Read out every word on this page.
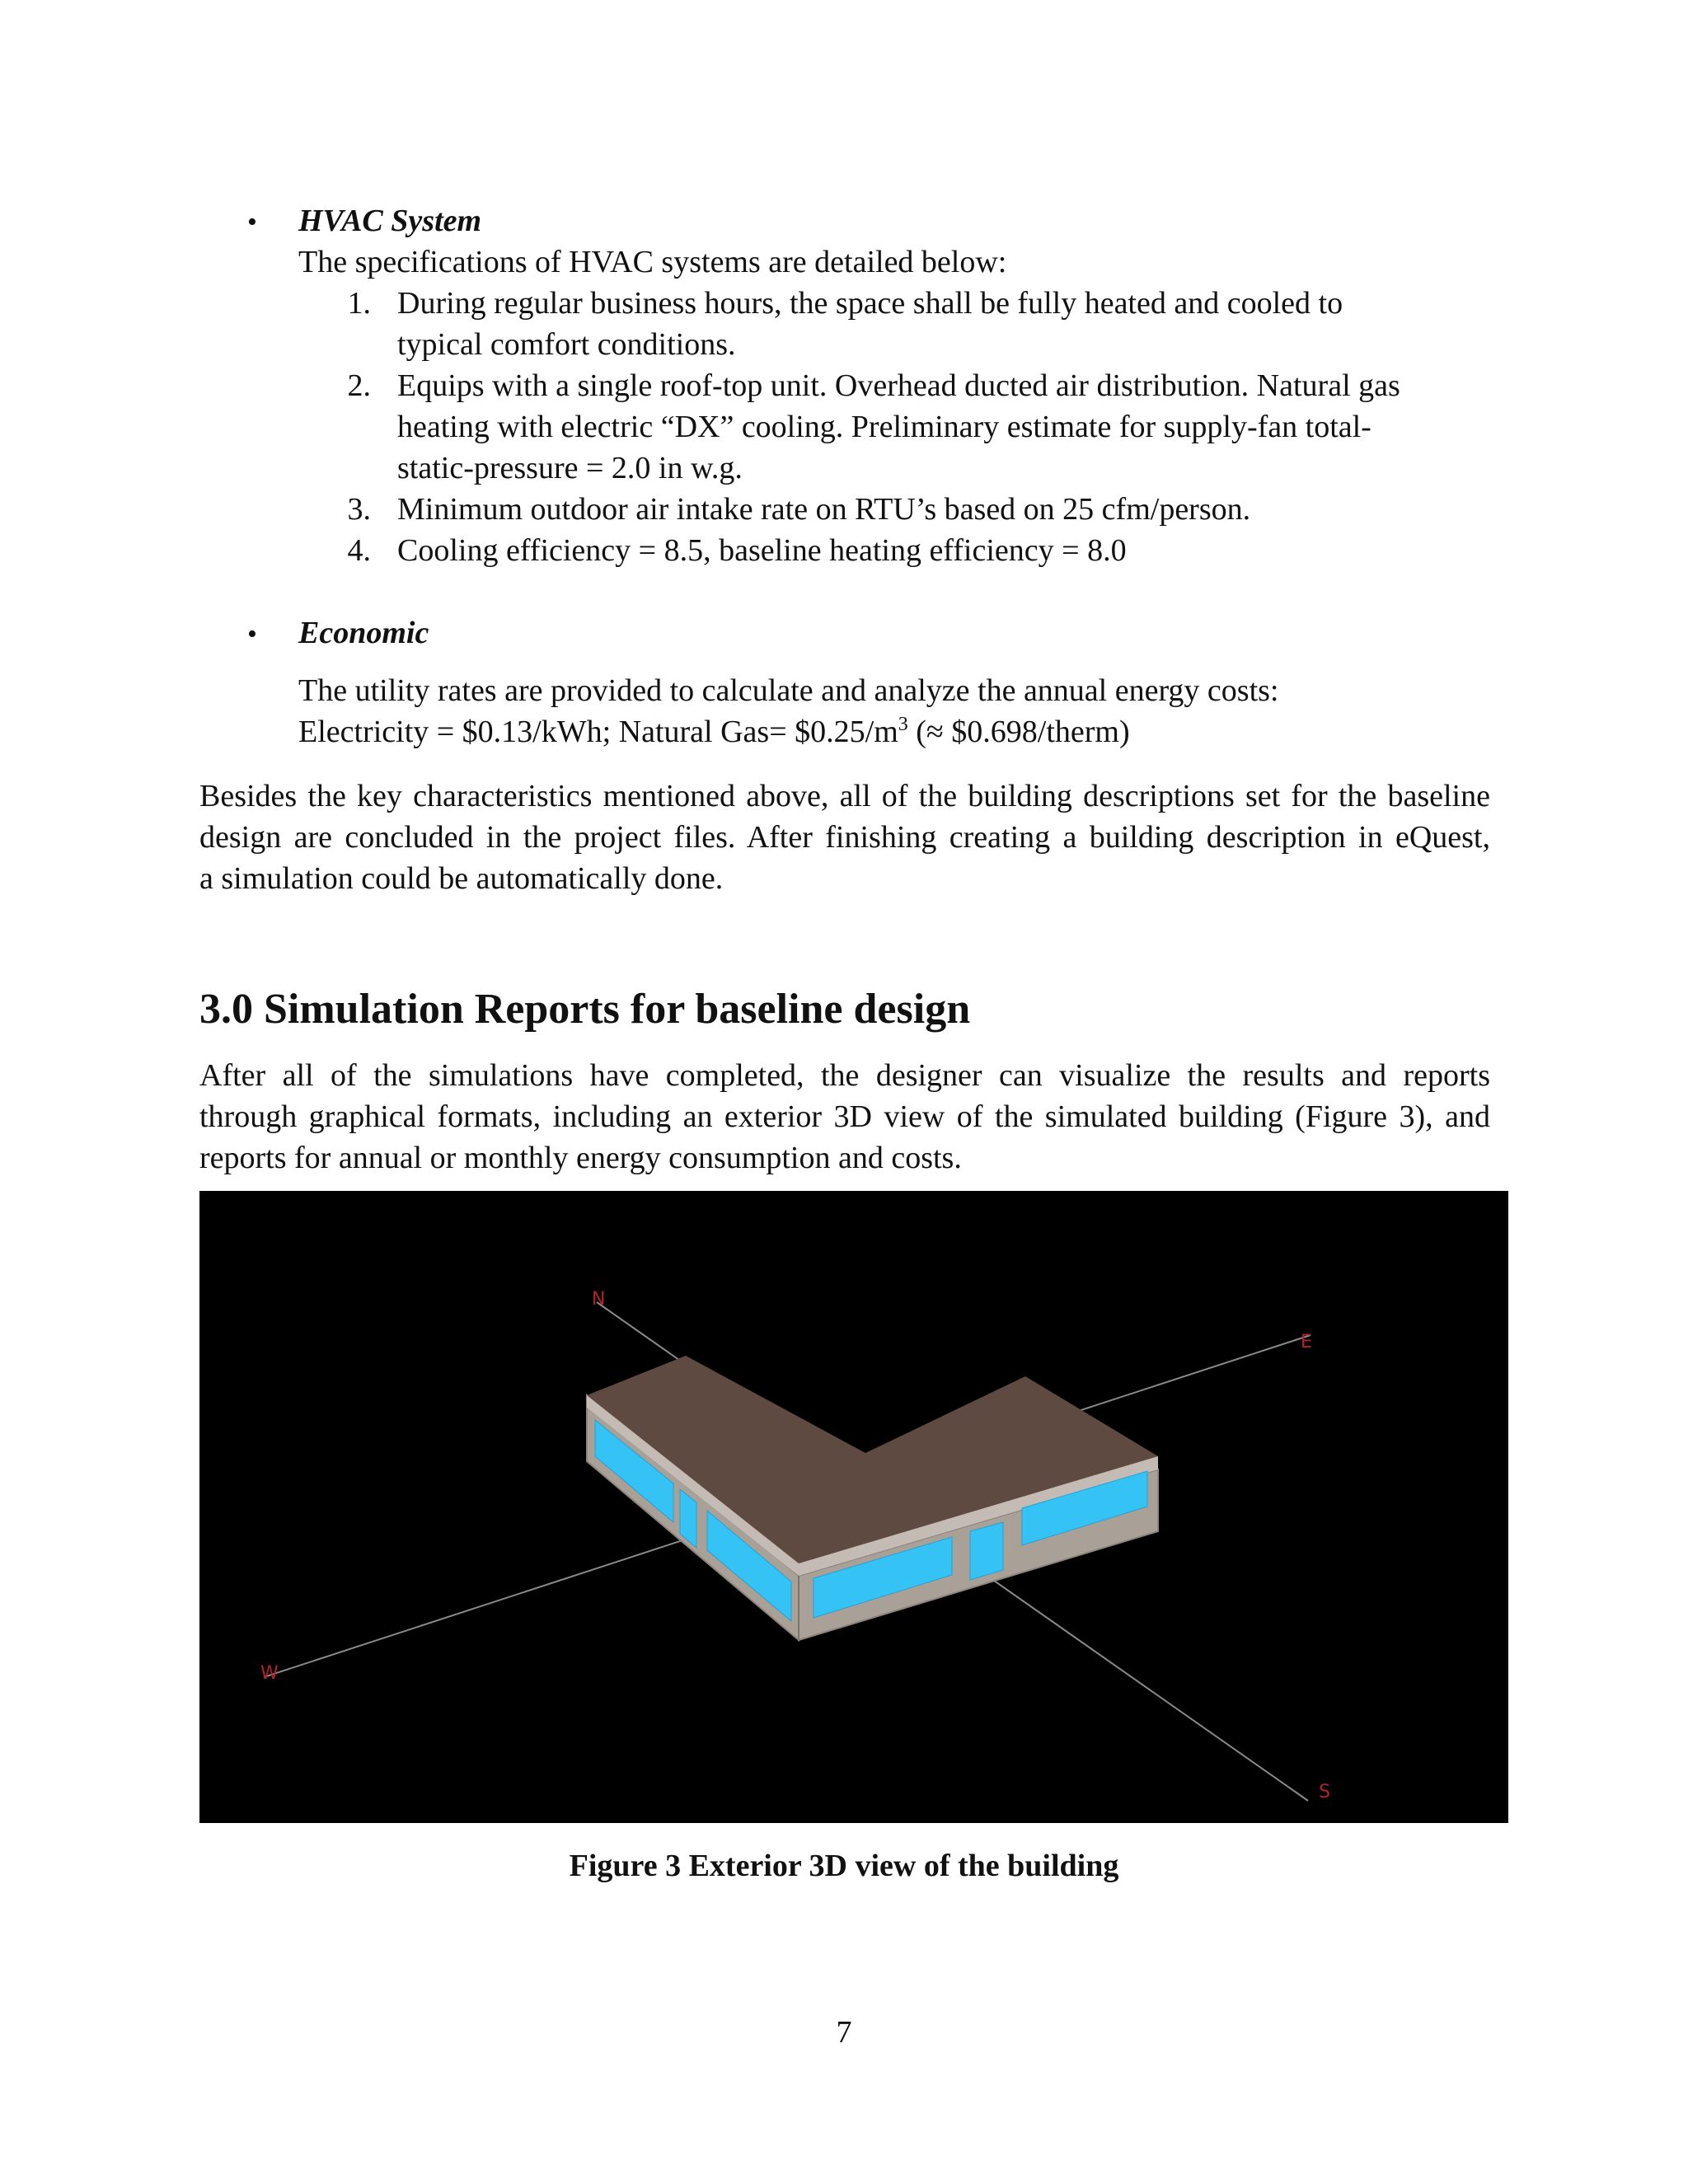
• HVAC System
The specifications of HVAC systems are detailed below:
1. During regular business hours, the space shall be fully heated and cooled to
typical comfort conditions.
2. Equips with a single roof-top unit. Overhead ducted air distribution. Natural gas
heating with electric “DX” cooling. Preliminary estimate for supply-fan total-
static-pressure = 2.0 in w.g.
3. Minimum outdoor air intake rate on RTU’s based on 25 cfm/person.
4. Cooling efficiency = 8.5, baseline heating efficiency = 8.0
• Economic
The utility rates are provided to calculate and analyze the annual energy costs:
Electricity = $0.13/kWh; Natural $Gas= \$0.25/m^3$ (≈ $0.698/therm)
Besides the key characteristics mentioned above, all of the building descriptions set for the baseline
design are concluded in the project files. After finishing creating a building description in eQuest,
a simulation could be automatically done.
3.0 Simulation Reports for baseline design
After all of the simulations have completed, the designer can visualize the results and reports
through graphical formats, including an exterior 3D view of the simulated building (Figure 3), and
reports for annual or monthly energy consumption and costs.
N
E
S
W
Figure 3 Exterior 3D view of the building
7
